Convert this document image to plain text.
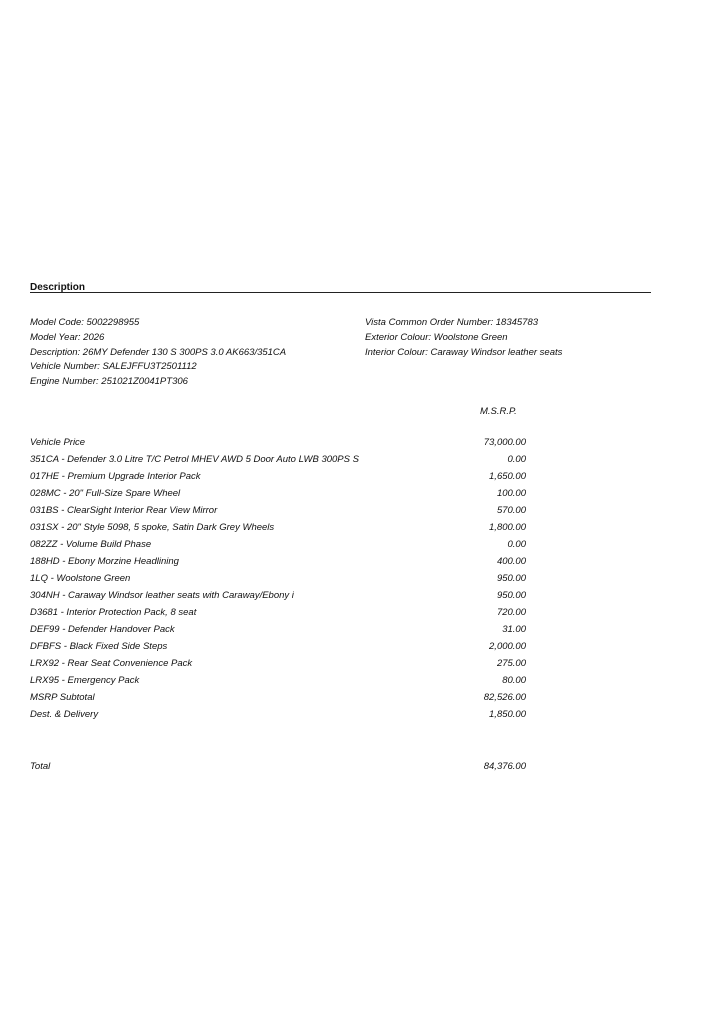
Description
Model Code: 5002298955
Model Year: 2026
Description: 26MY Defender 130 S 300PS 3.0 AK663/351CA
Vehicle Number: SALEJFFU3T2501112
Engine Number: 251021Z0041PT306
Vista Common Order Number: 18345783
Exterior Colour: Woolstone Green
Interior Colour: Caraway Windsor leather seats
M.S.R.P.
Vehicle Price	73,000.00
351CA - Defender 3.0 Litre T/C Petrol MHEV AWD 5 Door Auto LWB 300PS S	0.00
017HE - Premium Upgrade Interior Pack	1,650.00
028MC - 20" Full-Size Spare Wheel	100.00
031BS - ClearSight Interior Rear View Mirror	570.00
031SX - 20" Style 5098, 5 spoke, Satin Dark Grey Wheels	1,800.00
082ZZ - Volume Build Phase	0.00
188HD - Ebony Morzine Headlining	400.00
1LQ - Woolstone Green	950.00
304NH - Caraway Windsor leather seats with Caraway/Ebony i	950.00
D3681 - Interior Protection Pack, 8 seat	720.00
DEF99 - Defender Handover Pack	31.00
DFBFS - Black Fixed Side Steps	2,000.00
LRX92 - Rear Seat Convenience Pack	275.00
LRX95 - Emergency Pack	80.00
MSRP Subtotal	82,526.00
Dest. & Delivery	1,850.00
Total	84,376.00
